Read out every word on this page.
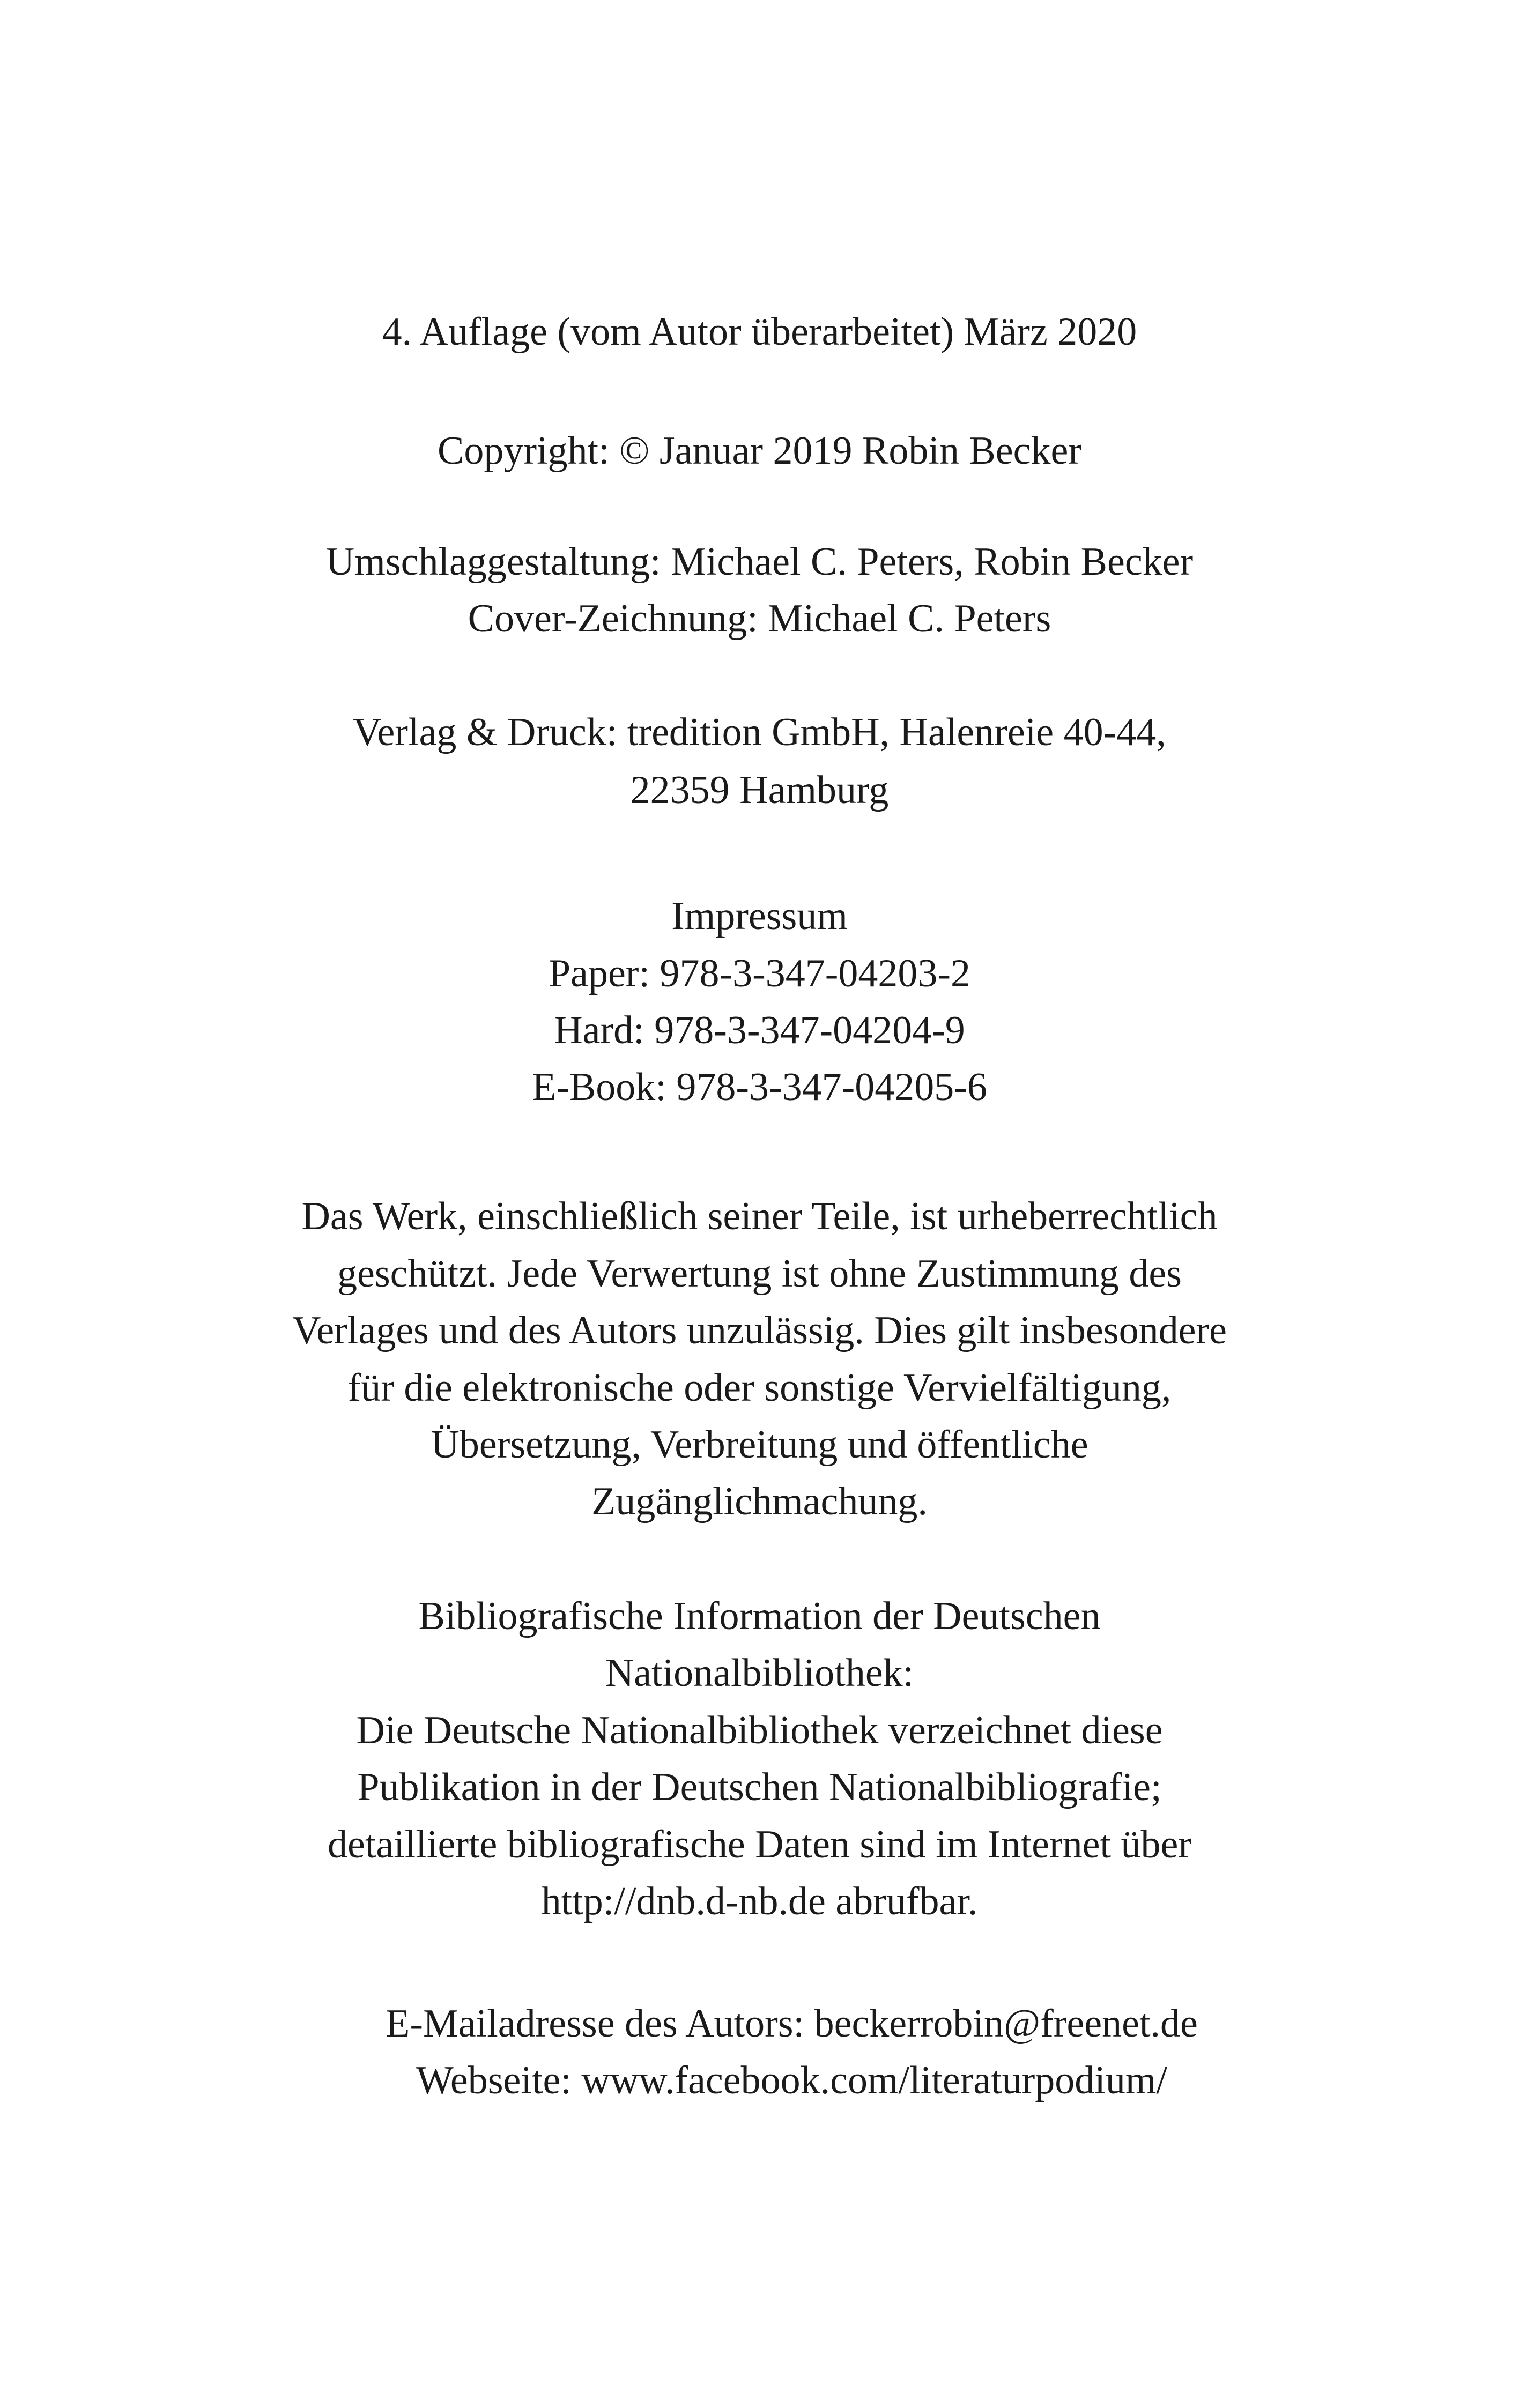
4. Auflage (vom Autor überarbeitet) März 2020
Copyright: © Januar 2019 Robin Becker
Umschlaggestaltung: Michael C. Peters, Robin Becker
Cover-Zeichnung: Michael C. Peters
Verlag & Druck: tredition GmbH, Halenreie 40-44,
22359 Hamburg
Impressum
Paper: 978-3-347-04203-2
Hard: 978-3-347-04204-9
E-Book: 978-3-347-04205-6
Das Werk, einschließlich seiner Teile, ist urheberrechtlich
geschützt. Jede Verwertung ist ohne Zustimmung des
Verlages und des Autors unzulässig. Dies gilt insbesondere
für die elektronische oder sonstige Vervielfältigung,
Übersetzung, Verbreitung und öffentliche
Zugänglichmachung.
Bibliografische Information der Deutschen
Nationalbibliothek:
Die Deutsche Nationalbibliothek verzeichnet diese
Publikation in der Deutschen Nationalbibliografie;
detaillierte bibliografische Daten sind im Internet über
http://dnb.d-nb.de abrufbar.
E-Mailadresse des Autors: beckerrobin@freenet.de
Webseite: www.facebook.com/literaturpodium/
